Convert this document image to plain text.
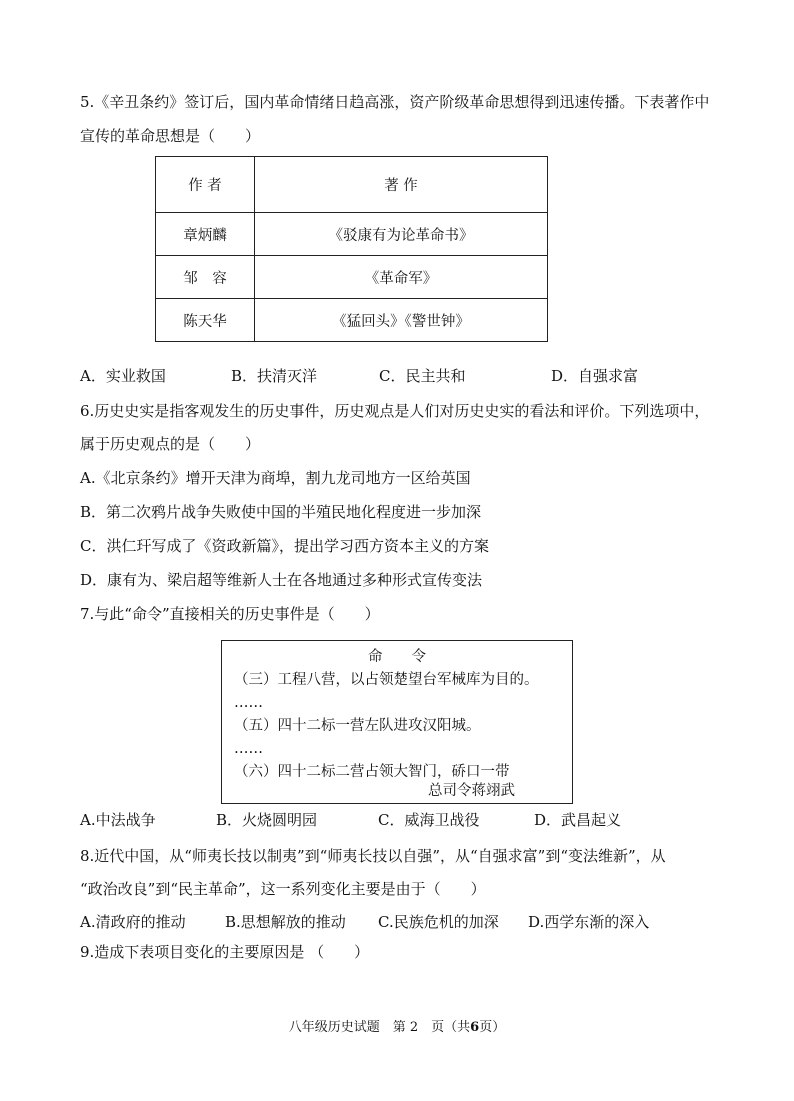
5.《辛丑条约》签订后，国内革命情绪日趋高涨，资产阶级革命思想得到迅速传播。下表著作中
宣传的革命思想是（　　）
作 者	著 作
章炳麟	《驳康有为论革命书》
邹　容	《革命军》
陈天华	《猛回头》《警世钟》
A．实业救国	B．扶清灭洋	C．民主共和	D．自强求富
6.历史史实是指客观发生的历史事件，历史观点是人们对历史史实的看法和评价。下列选项中，
属于历史观点的是（　　）
A.《北京条约》增开天津为商埠，割九龙司地方一区给英国
B．第二次鸦片战争失败使中国的半殖民地化程度进一步加深
C．洪仁玕写成了《资政新篇》，提出学习西方资本主义的方案
D．康有为、梁启超等维新人士在各地通过多种形式宣传变法
7.与此“命令”直接相关的历史事件是（　　）
命　　令
（三）工程八营，以占领楚望台军械库为目的。
……
（五）四十二标一营左队进攻汉阳城。
……
（六）四十二标二营占领大智门，硚口一带
总司令蒋翊武
A.中法战争	B．火烧圆明园	C．威海卫战役	D．武昌起义
8.近代中国，从“师夷长技以制夷”到“师夷长技以自强”，从“自强求富”到“变法维新”，从
“政治改良”到“民主革命”，这一系列变化主要是由于（　　）
A.清政府的推动	B.思想解放的推动 C.民族危机的加深 D.西学东渐的深入
9.造成下表项目变化的主要原因是 （　　）
八年级历史试题　第 2　页（共6页）
